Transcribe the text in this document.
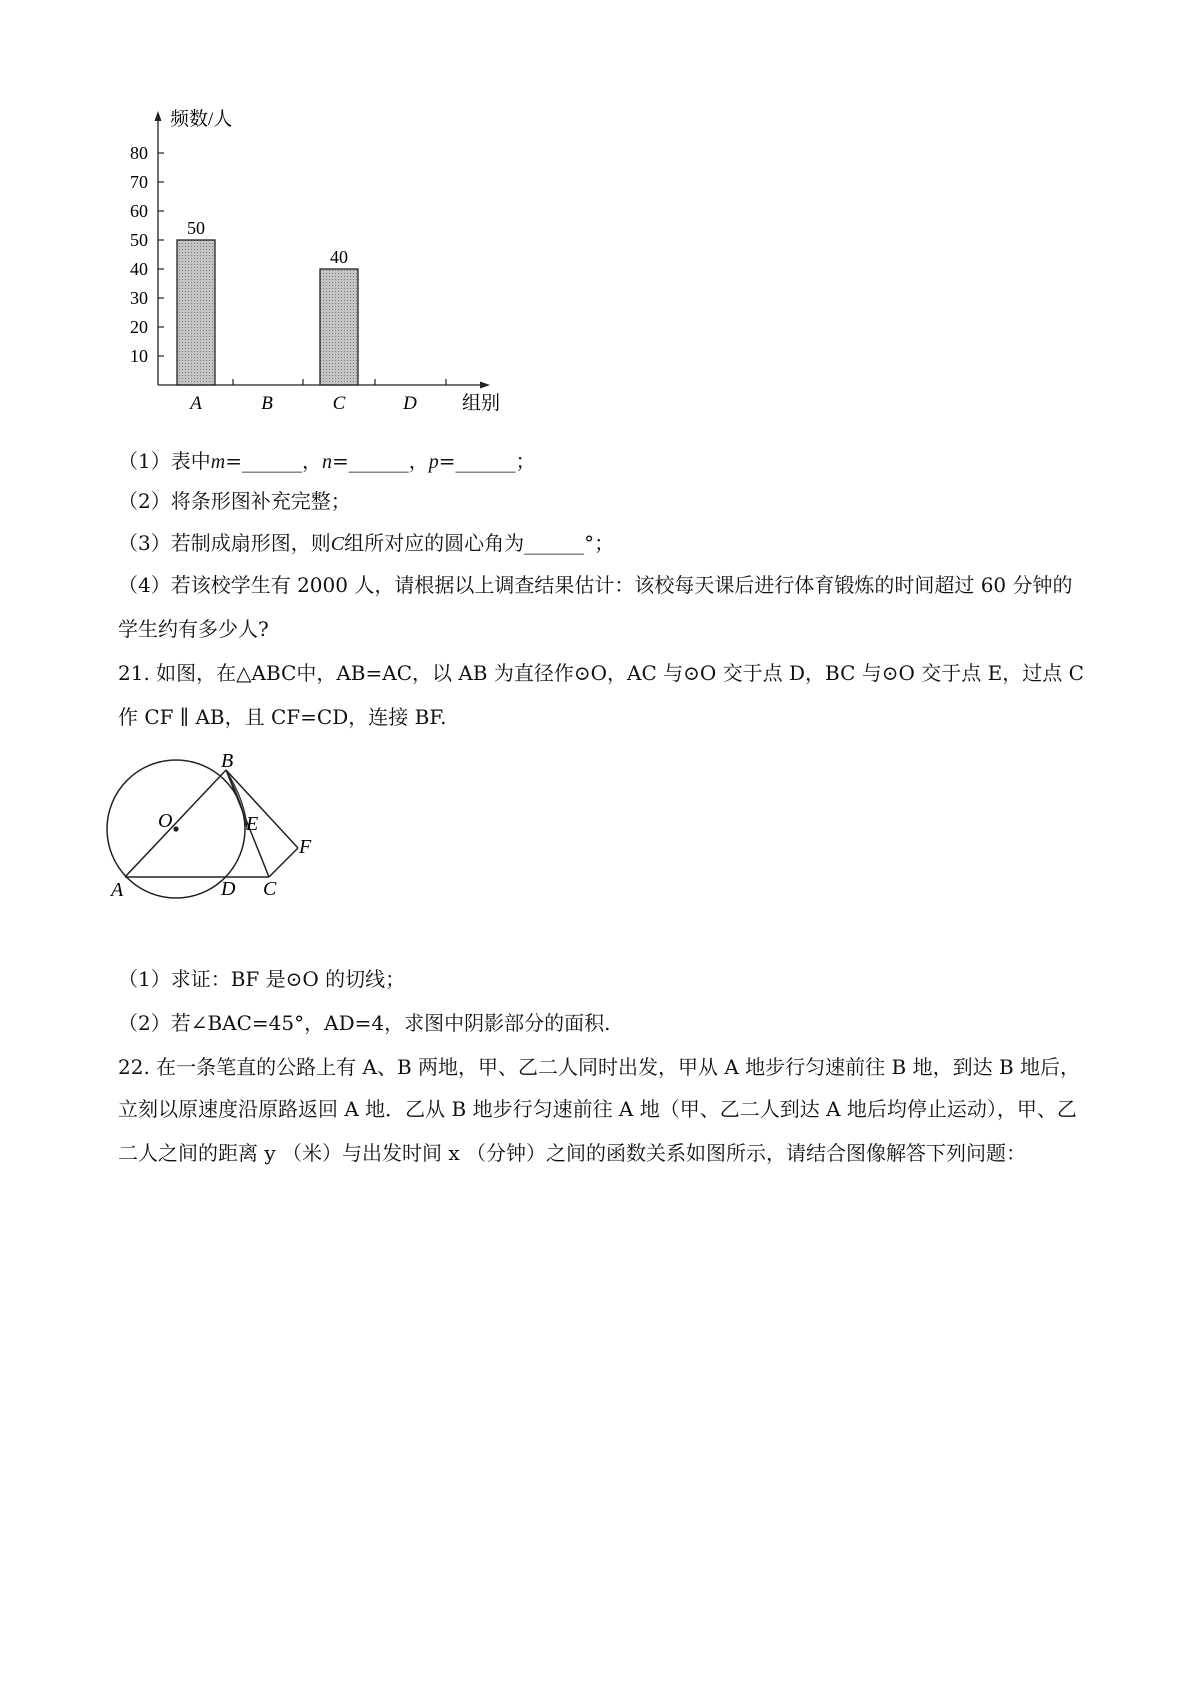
频数/人
组别
10
20
30
40
50
60
70
80
A	B	C	D
50
40
（1）表中m=______，n=______，p=______；
（2）将条形图补充完整；
（3）若制成扇形图，则C组所对应的圆心角为______°；
（4）若该校学生有 2000 人，请根据以上调查结果估计：该校每天课后进行体育锻炼的时间超过 60 分钟的
学生约有多少人?
21. 如图，在△ABC中，AB=AC，以 AB 为直径作⊙O，AC 与⊙O 交于点 D，BC 与⊙O 交于点 E，过点 C
作 CF ∥ AB，且 CF=CD，连接 BF.
B
O	E
F
A	D C
（1）求证：BF 是⊙O 的切线；
（2）若∠BAC=45°，AD=4，求图中阴影部分的面积.
22. 在一条笔直的公路上有 A、B 两地，甲、乙二人同时出发，甲从 A 地步行匀速前往 B 地，到达 B 地后，
立刻以原速度沿原路返回 A 地．乙从 B 地步行匀速前往 A 地（甲、乙二人到达 A 地后均停止运动），甲、乙
二人之间的距离 y （米）与出发时间 x （分钟）之间的函数关系如图所示，请结合图像解答下列问题：
